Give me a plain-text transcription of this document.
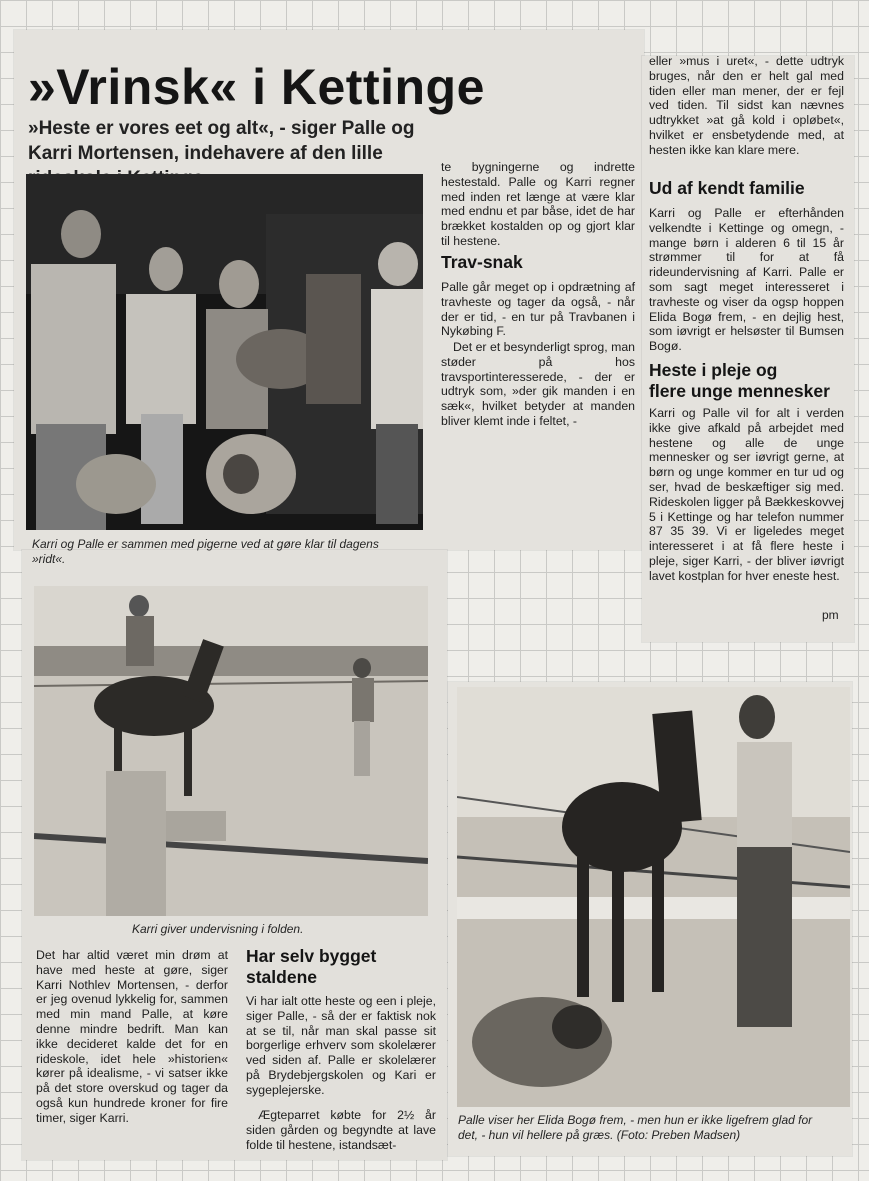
»Vrinsk« i Kettinge
»Heste er vores eet og alt«, - siger Palle og Karri Mortensen, indehavere af den lille
Karri og Palle er sammen med pigerne ved at gøre klar til dagens
»ridt«.
te bygningerne og indrette hestestald. Palle og Karri regner med inden ret længe at være klar med endnu et par båse, idet de har brækket kostalden op og gjort klar til hestene.
Trav-snak
Palle går meget op i opdrætning af travheste og tager da også, - når der er tid, - en tur på Travbanen i Nykøbing F.
Det er et besynderligt sprog, man støder på hos travsportinteresserede, - der er udtryk som, »der gik manden i en sæk«, hvilket betyder at manden bliver klemt inde i feltet, -
eller »mus i uret«, - dette udtryk bruges, når den er helt gal med tiden eller man mener, der er fejl ved tiden. Til sidst kan nævnes udtrykket »at gå kold i opløbet«, hvilket er ensbetydende med, at hesten ikke kan klare mere.
Ud af kendt familie
Karri og Palle er efterhånden velkendte i Kettinge og omegn, - mange børn i alderen 6 til 15 år strømmer til for at få rideundervisning af Karri. Palle er som sagt meget interesseret i travheste og viser da ogsp hoppen Elida Bogø frem, - en dejlig hest, som iøvrigt er helsøster til Bumsen Bogø.
Heste i pleje og
flere unge mennesker
Karri og Palle vil for alt i verden ikke give afkald på arbejdet med hestene og alle de unge mennesker og ser iøvrigt gerne, at børn og unge kommer en tur ud og ser, hvad de beskæftiger sig med. Rideskolen ligger på Bækkeskovvej 5 i Kettinge og har telefon nummer 87 35 39. Vi er ligeledes meget interesseret i at få flere heste i pleje, siger Karri, - der bliver iøvrigt lavet kostplan for hver eneste hest.
pm
Karri giver undervisning i folden.
Det har altid været min drøm at have med heste at gøre, siger Karri Nothlev Mortensen, - derfor er jeg ovenud lykkelig for, sammen med min mand Palle, at køre denne mindre bedrift. Man kan ikke decideret kalde det for en rideskole, idet hele »historien« kører på idealisme, - vi satser ikke på det store overskud og tager da også kun hundrede kroner for fire timer, siger Karri.
Har selv bygget
staldene
Vi har ialt otte heste og een i pleje, siger Palle, - så der er faktisk nok at se til, når man skal passe sit borgerlige erhverv som skolelærer ved siden af. Palle er skolelærer på Brydebjergskolen og Kari er sygeplejerske.
Ægteparret købte for 2½ år siden gården og begyndte at lave folde til hestene, istandsæt-
Palle viser her Elida Bogø frem, - men hun er ikke ligefrem glad for
det, - hun vil hellere på græs. (Foto: Preben Madsen)
